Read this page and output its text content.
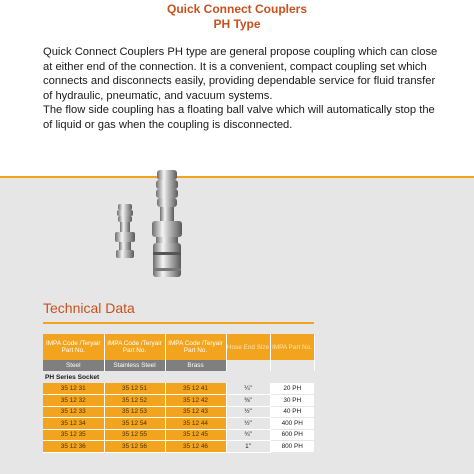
Quick Connect Couplers
PH Type

Quick Connect Couplers PH type are general propose coupling which can close at either end of the connection. It is a convenient, compact coupling set which connects and disconnects easily, providing dependable service for fluid transfer of hydraulic, pneumatic, and vacuum systems.

The flow side coupling has a floating ball valve which will automatically stop the of liquid or gas when the coupling is disconnected.

Technical Data
IMPA Code /Teryair Part No.	IMPA Code /Teryair Part No.	IMPA Code /Teryair Part No.	Hose End Size	IMPA Part No.
Steel	Stainless Steel	Brass		
PH Series Socket				
35 12 31	35 12 51	35 12 41	¼"	20 PH
35 12 32	35 12 52	35 12 42	⅜"	30 PH
35 12 33	35 12 53	35 12 43	½"	40 PH
35 12 34	35 12 54	35 12 44	½"	400 PH
35 12 35	35 12 55	35 12 45	¾"	600 PH
35 12 36	35 12 56	35 12 46	1"	800 PH
